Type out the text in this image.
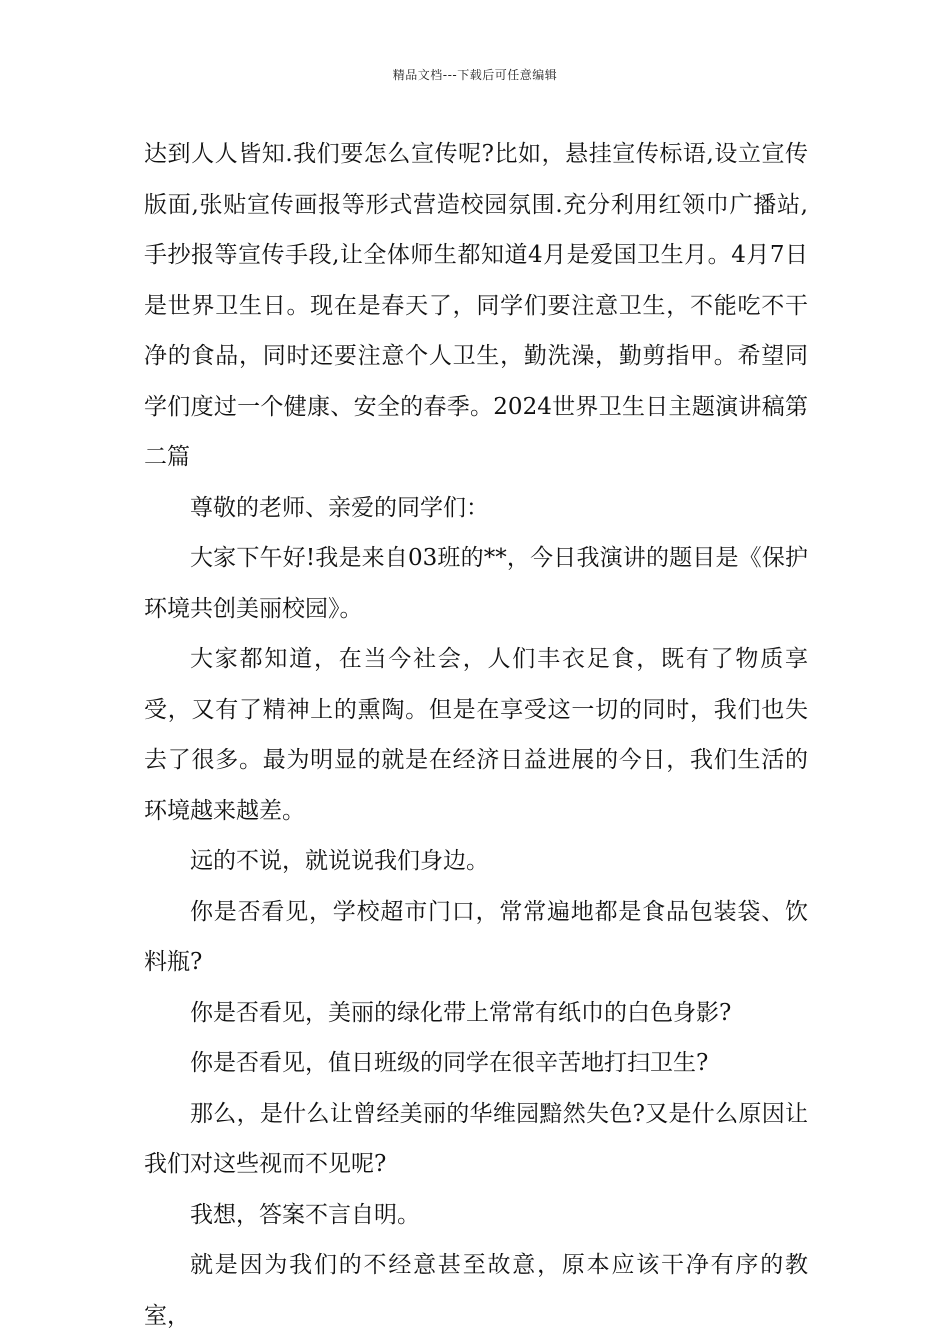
精品文档---下载后可任意编辑

达到人人皆知.我们要怎么宣传呢?比如，悬挂宣传标语,设立宣传版面,张贴宣传画报等形式营造校园氛围.充分利用红领巾广播站,手抄报等宣传手段,让全体师生都知道4月是爱国卫生月。4月7日是世界卫生日。现在是春天了，同学们要注意卫生，不能吃不干净的食品，同时还要注意个人卫生，勤洗澡，勤剪指甲。希望同学们度过一个健康、安全的春季。2024世界卫生日主题演讲稿第二篇

尊敬的老师、亲爱的同学们：

大家下午好!我是来自03班的**，今日我演讲的题目是《保护环境共创美丽校园》。

大家都知道，在当今社会，人们丰衣足食，既有了物质享受，又有了精神上的熏陶。但是在享受这一切的同时，我们也失去了很多。最为明显的就是在经济日益进展的今日，我们生活的环境越来越差。

远的不说，就说说我们身边。

你是否看见，学校超市门口，常常遍地都是食品包装袋、饮料瓶?

你是否看见，美丽的绿化带上常常有纸巾的白色身影?

你是否看见，值日班级的同学在很辛苦地打扫卫生?

那么，是什么让曾经美丽的华维园黯然失色?又是什么原因让我们对这些视而不见呢?

我想，答案不言自明。

就是因为我们的不经意甚至故意，原本应该干净有序的教室，
